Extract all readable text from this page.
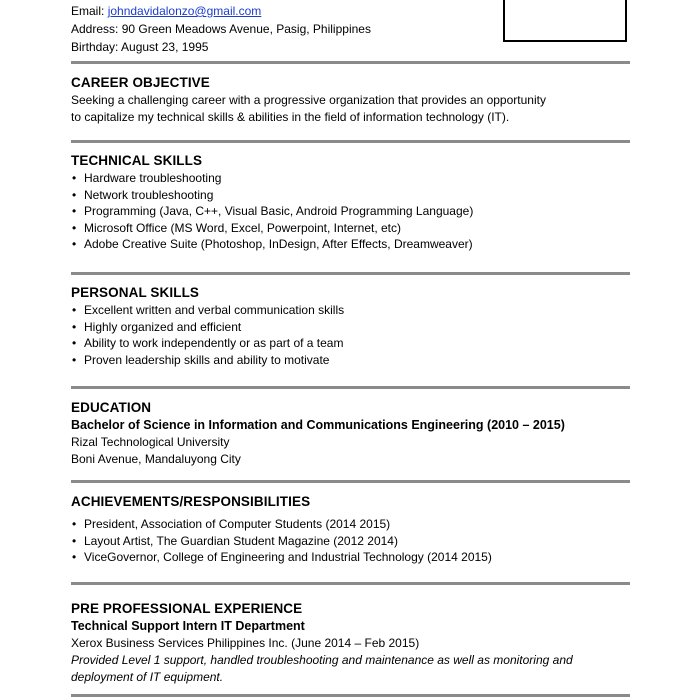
Email: johndavidalonzo@gmail.com
Address: 90 Green Meadows Avenue, Pasig, Philippines
Birthday: August 23, 1995
CAREER OBJECTIVE
Seeking a challenging career with a progressive organization that provides an opportunity
to capitalize my technical skills & abilities in the field of information technology (IT).
TECHNICAL SKILLS
• Hardware troubleshooting
• Network troubleshooting
• Programming (Java, C++, Visual Basic, Android Programming Language)
• Microsoft Office (MS Word, Excel, Powerpoint, Internet, etc)
• Adobe Creative Suite (Photoshop, InDesign, After Effects, Dreamweaver)
PERSONAL SKILLS
• Excellent written and verbal communication skills
• Highly organized and efficient
• Ability to work independently or as part of a team
• Proven leadership skills and ability to motivate
EDUCATION
Bachelor of Science in Information and Communications Engineering (2010 – 2015)
Rizal Technological University
Boni Avenue, Mandaluyong City
ACHIEVEMENTS/RESPONSIBILITIES
• President, Association of Computer Students (2014 2015)
• Layout Artist, The Guardian Student Magazine (2012 2014)
• ViceGovernor, College of Engineering and Industrial Technology (2014 2015)
PRE PROFESSIONAL EXPERIENCE
Technical Support Intern IT Department
Xerox Business Services Philippines Inc. (June 2014 – Feb 2015)
Provided Level 1 support, handled troubleshooting and maintenance as well as monitoring and
deployment of IT equipment.
